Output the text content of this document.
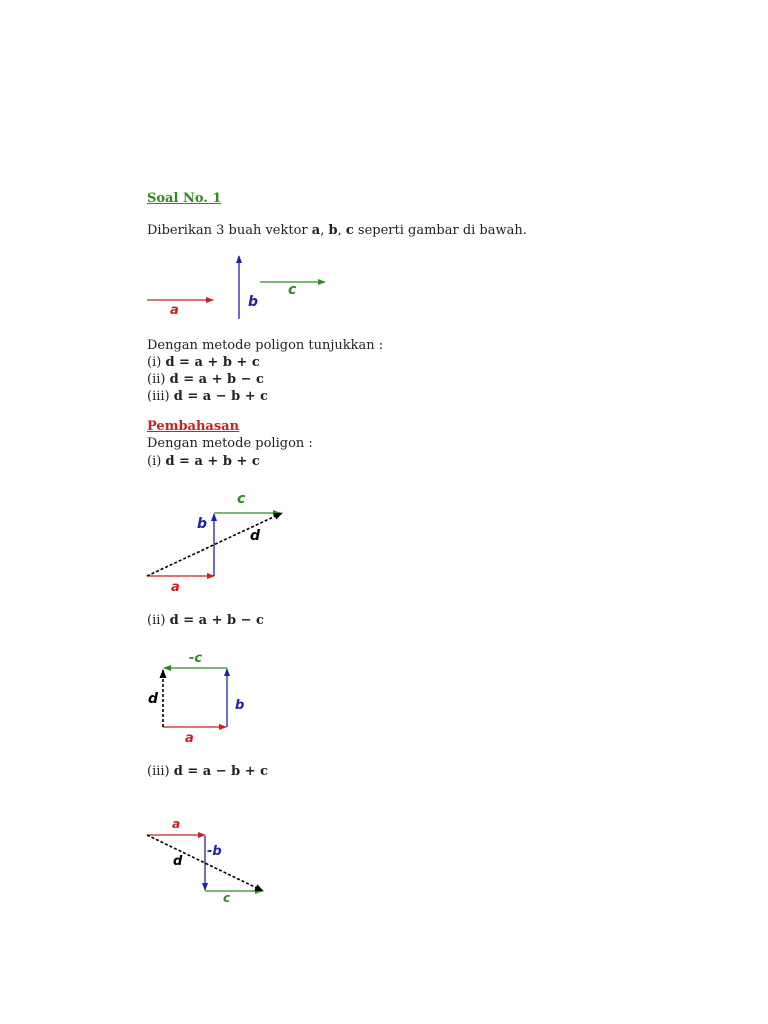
Soal No. 1
Diberikan 3 buah vektor a, b, c seperti gambar di bawah.
a
b
c
Dengan metode poligon tunjukkan :
(i) d = a + b + c
(ii) d = a + b − c
(iii) d = a − b + c
Pembahasan
Dengan metode poligon :
(i) d = a + b + c
a
b
c
d
(ii) d = a + b − c
a
b
-c
d
(iii) d = a − b + c
a
-b
c
d
